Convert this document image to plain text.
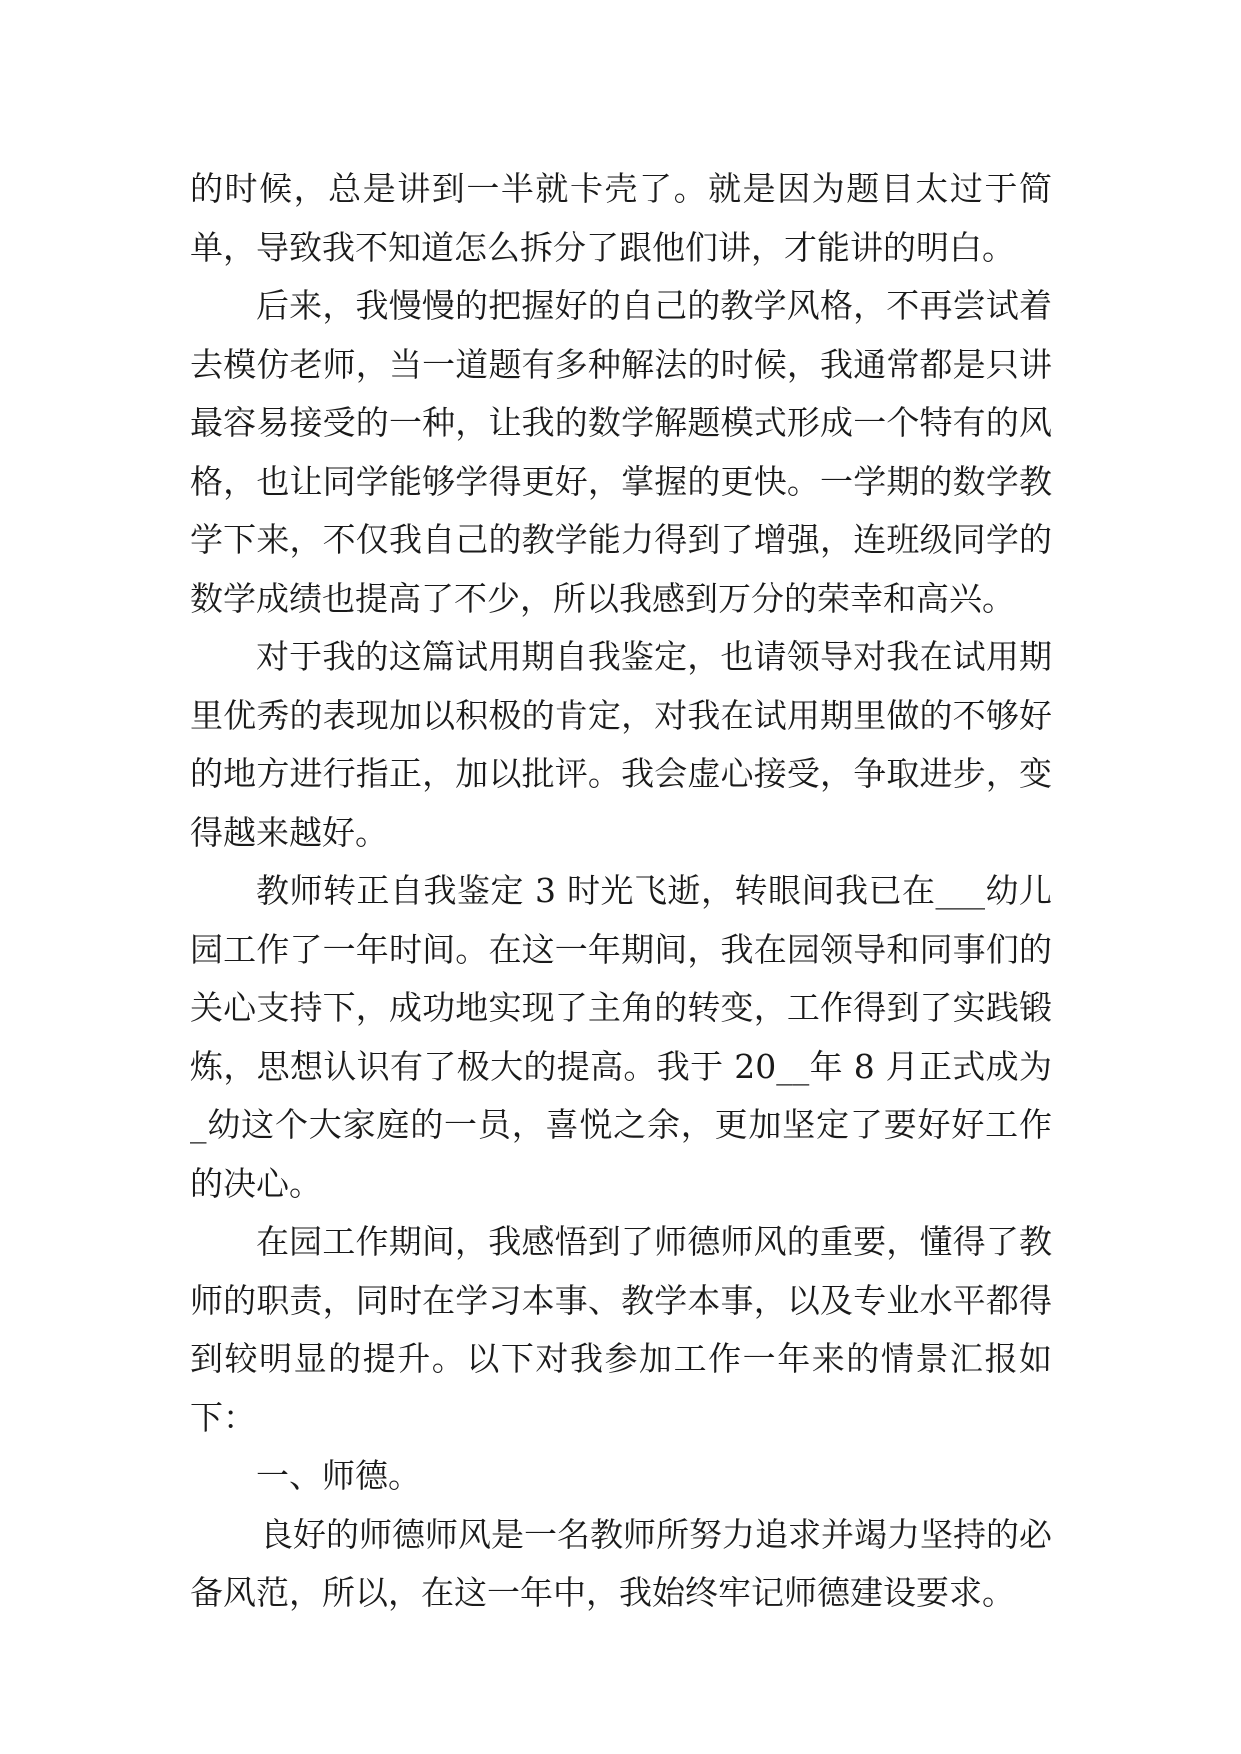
的时候，总是讲到一半就卡壳了。就是因为题目太过于简单，导致我不知道怎么拆分了跟他们讲，才能讲的明白。

后来，我慢慢的把握好的自己的教学风格，不再尝试着去模仿老师，当一道题有多种解法的时候，我通常都是只讲最容易接受的一种，让我的数学解题模式形成一个特有的风格，也让同学能够学得更好，掌握的更快。一学期的数学教学下来，不仅我自己的教学能力得到了增强，连班级同学的数学成绩也提高了不少，所以我感到万分的荣幸和高兴。

对于我的这篇试用期自我鉴定，也请领导对我在试用期里优秀的表现加以积极的肯定，对我在试用期里做的不够好的地方进行指正，加以批评。我会虚心接受，争取进步，变得越来越好。

教师转正自我鉴定 3 时光飞逝，转眼间我已在___幼儿园工作了一年时间。在这一年期间，我在园领导和同事们的关心支持下，成功地实现了主角的转变，工作得到了实践锻炼，思想认识有了极大的提高。我于 20__年 8 月正式成为_幼这个大家庭的一员，喜悦之余，更加坚定了要好好工作的决心。

在园工作期间，我感悟到了师德师风的重要，懂得了教师的职责，同时在学习本事、教学本事，以及专业水平都得到较明显的提升。以下对我参加工作一年来的情景汇报如下：

一、师德。

良好的师德师风是一名教师所努力追求并竭力坚持的必备风范，所以，在这一年中，我始终牢记师德建设要求。
